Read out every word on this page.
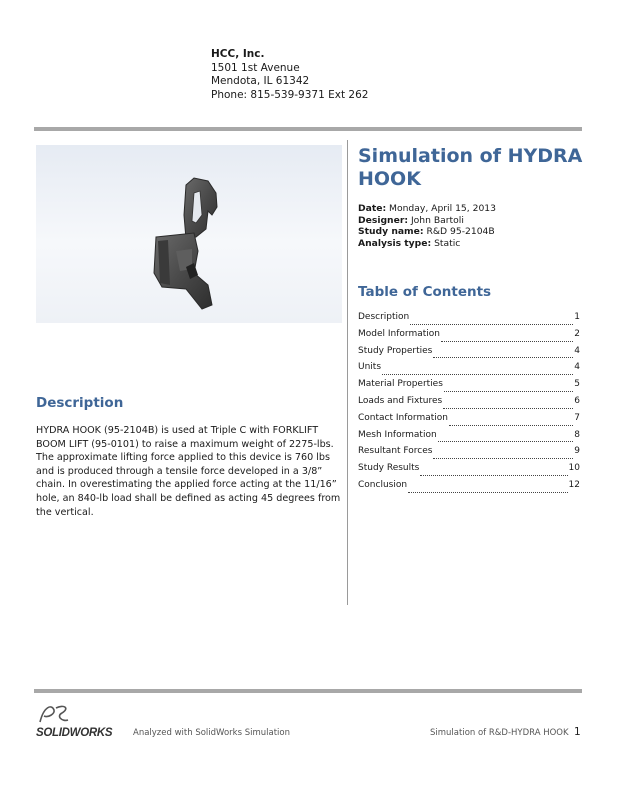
HCC, Inc.
1501 1st Avenue
Mendota, IL 61342
Phone: 815-539-9371 Ext 262
Simulation of HYDRA HOOK
Date: Monday, April 15, 2013
Designer: John Bartoli
Study name: R&D 95-2104B
Analysis type: Static
Table of Contents
Description	1
Model Information	2
Study Properties	4
Units	4
Material Properties	5
Loads and Fixtures	6
Contact Information	7
Mesh Information	8
Resultant Forces	9
Study Results	10
Conclusion	12
Description
HYDRA HOOK (95-2104B) is used at Triple C with FORKLIFT BOOM LIFT (95-0101) to raise a maximum weight of 2275-lbs. The approximate lifting force applied to this device is 760 lbs and is produced through a tensile force developed in a 3/8” chain. In overestimating the applied force acting at the 11/16” hole, an 840-lb load shall be defined as acting 45 degrees from the vertical.
SOLIDWORKS Analyzed with SolidWorks Simulation	Simulation of R&D-HYDRA HOOK 1
